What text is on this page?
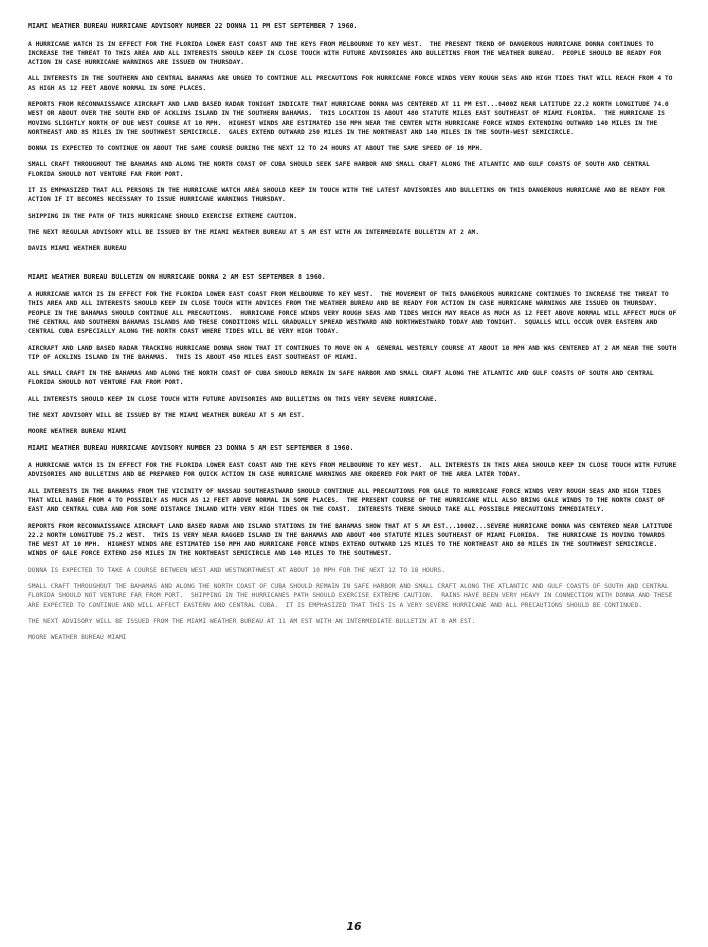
MIAMI WEATHER BUREAU HURRICANE ADVISORY NUMBER 22 DONNA 11 PM EST SEPTEMBER 7 1960.

A HURRICANE WATCH IS IN EFFECT FOR THE FLORIDA LOWER EAST COAST AND THE KEYS FROM MELBOURNE TO KEY WEST.  THE PRESENT TREND OF DANGEROUS HURRICANE DONNA CONTINUES TO INCREASE THE THREAT TO THIS AREA AND ALL INTERESTS SHOULD KEEP IN CLOSE TOUCH WITH FUTURE ADVISORIES AND BULLETINS FROM THE WEATHER BUREAU.  PEOPLE SHOULD BE READY FOR ACTION IN CASE HURRICANE WARNINGS ARE ISSUED ON THURSDAY.

ALL INTERESTS IN THE SOUTHERN AND CENTRAL BAHAMAS ARE URGED TO CONTINUE ALL PRECAUTIONS FOR HURRICANE FORCE WINDS VERY ROUGH SEAS AND HIGH TIDES THAT WILL REACH FROM 4 TO AS HIGH AS 12 FEET ABOVE NORMAL IN SOME PLACES.

REPORTS FROM RECONNAISSANCE AIRCRAFT AND LAND BASED RADAR TONIGHT INDICATE THAT HURRICANE DONNA WAS CENTERED AT 11 PM EST...0400Z NEAR LATITUDE 22.2 NORTH LONGITUDE 74.0 WEST OR ABOUT OVER THE SOUTH END OF ACKLINS ISLAND IN THE SOUTHERN BAHAMAS.  THIS LOCATION IS ABOUT 480 STATUTE MILES EAST SOUTHEAST OF MIAMI FLORIDA.  THE HURRICANE IS MOVING SLIGHTLY NORTH OF DUE WEST COURSE AT 10 MPH.  HIGHEST WINDS ARE ESTIMATED 150 MPH NEAR THE CENTER WITH HURRICANE FORCE WINDS EXTENDING OUTWARD 140 MILES IN THE NORTHEAST AND 85 MILES IN THE SOUTHWEST SEMICIRCLE.  GALES EXTEND OUTWARD 250 MILES IN THE NORTHEAST AND 140 MILES IN THE SOUTH-WEST SEMICIRCLE.

DONNA IS EXPECTED TO CONTINUE ON ABOUT THE SAME COURSE DURING THE NEXT 12 TO 24 HOURS AT ABOUT THE SAME SPEED OF 10 MPH.

SMALL CRAFT THROUGHOUT THE BAHAMAS AND ALONG THE NORTH COAST OF CUBA SHOULD SEEK SAFE HARBOR AND SMALL CRAFT ALONG THE ATLANTIC AND GULF COASTS OF SOUTH AND CENTRAL FLORIDA SHOULD NOT VENTURE FAR FROM PORT.

IT IS EMPHASIZED THAT ALL PERSONS IN THE HURRICANE WATCH AREA SHOULD KEEP IN TOUCH WITH THE LATEST ADVISORIES AND BULLETINS ON THIS DANGEROUS HURRICANE AND BE READY FOR ACTION IF IT BECOMES NECESSARY TO ISSUE HURRICANE WARNINGS THURSDAY.

SHIPPING IN THE PATH OF THIS HURRICANE SHOULD EXERCISE EXTREME CAUTION.

THE NEXT REGULAR ADVISORY WILL BE ISSUED BY THE MIAMI WEATHER BUREAU AT 5 AM EST WITH AN INTERMEDIATE BULLETIN AT 2 AM.

DAVIS MIAMI WEATHER BUREAU

MIAMI WEATHER BUREAU BULLETIN ON HURRICANE DONNA 2 AM EST SEPTEMBER 8 1960.

A HURRICANE WATCH IS IN EFFECT FOR THE FLORIDA LOWER EAST COAST FROM MELBOURNE TO KEY WEST.  THE MOVEMENT OF THIS DANGEROUS HURRICANE CONTINUES TO INCREASE THE THREAT TO THIS AREA AND ALL INTERESTS SHOULD KEEP IN CLOSE TOUCH WITH ADVICES FROM THE WEATHER BUREAU AND BE READY FOR ACTION IN CASE HURRICANE WARNINGS ARE ISSUED ON THURSDAY.  PEOPLE IN THE BAHAMAS SHOULD CONTINUE ALL PRECAUTIONS.  HURRICANE FORCE WINDS VERY ROUGH SEAS AND TIDES WHICH MAY REACH AS MUCH AS 12 FEET ABOVE NORMAL WILL AFFECT MUCH OF THE CENTRAL AND SOUTHERN BAHAMAS ISLANDS AND THESE CONDITIONS WILL GRADUALLY SPREAD WESTWARD AND NORTHWESTWARD TODAY AND TONIGHT.  SQUALLS WILL OCCUR OVER EASTERN AND CENTRAL CUBA ESPECIALLY ALONG THE NORTH COAST WHERE TIDES WILL BE VERY HIGH TODAY.

AIRCRAFT AND LAND BASED RADAR TRACKING HURRICANE DONNA SHOW THAT IT CONTINUES TO MOVE ON A  GENERAL WESTERLY COURSE AT ABOUT 10 MPH AND WAS CENTERED AT 2 AM NEAR THE SOUTH TIP OF ACKLINS ISLAND IN THE BAHAMAS.  THIS IS ABOUT 450 MILES EAST SOUTHEAST OF MIAMI.

ALL SMALL CRAFT IN THE BAHAMAS AND ALONG THE NORTH COAST OF CUBA SHOULD REMAIN IN SAFE HARBOR AND SMALL CRAFT ALONG THE ATLANTIC AND GULF COASTS OF SOUTH AND CENTRAL FLORIDA SHOULD NOT VENTURE FAR FROM PORT.

ALL INTERESTS SHOULD KEEP IN CLOSE TOUCH WITH FUTURE ADVISORIES AND BULLETINS ON THIS VERY SEVERE HURRICANE.

THE NEXT ADVISORY WILL BE ISSUED BY THE MIAMI WEATHER BUREAU AT 5 AM EST.

MOORE WEATHER BUREAU MIAMI

MIAMI WEATHER BUREAU HURRICANE ADVISORY NUMBER 23 DONNA 5 AM EST SEPTEMBER 8 1960.

A HURRICANE WATCH IS IN EFFECT FOR THE FLORIDA LOWER EAST COAST AND THE KEYS FROM MELBOURNE TO KEY WEST.  ALL INTERESTS IN THIS AREA SHOULD KEEP IN CLOSE TOUCH WITH FUTURE ADVISORIES AND BULLETINS AND BE PREPARED FOR QUICK ACTION IN CASE HURRICANE WARNINGS ARE ORDERED FOR PART OF THE AREA LATER TODAY.

ALL INTERESTS IN THE BAHAMAS FROM THE VICINITY OF NASSAU SOUTHEASTWARD SHOULD CONTINUE ALL PRECAUTIONS FOR GALE TO HURRICANE FORCE WINDS VERY ROUGH SEAS AND HIGH TIDES THAT WILL RANGE FROM 4 TO POSSIBLY AS MUCH AS 12 FEET ABOVE NORMAL IN SOME PLACES.  THE PRESENT COURSE OF THE HURRICANE WILL ALSO BRING GALE WINDS TO THE NORTH COAST OF EAST AND CENTRAL CUBA AND FOR SOME DISTANCE INLAND WITH VERY HIGH TIDES ON THE COAST.  INTERESTS THERE SHOULD TAKE ALL POSSIBLE PRECAUTIONS IMMEDIATELY.

REPORTS FROM RECONNAISSANCE AIRCRAFT LAND BASED RADAR AND ISLAND STATIONS IN THE BAHAMAS SHOW THAT AT 5 AM EST...1000Z...SEVERE HURRICANE DONNA WAS CENTERED NEAR LATITUDE 22.2 NORTH LONGITUDE 75.2 WEST.  THIS IS VERY NEAR RAGGED ISLAND IN THE BAHAMAS AND ABOUT 400 STATUTE MILES SOUTHEAST OF MIAMI FLORIDA.  THE HURRICANE IS MOVING TOWARDS THE WEST AT 10 MPH.  HIGHEST WINDS ARE ESTIMATED 150 MPH AND HURRICANE FORCE WINDS EXTEND OUTWARD 125 MILES TO THE NORTHEAST AND 80 MILES IN THE SOUTHWEST SEMICIRCLE.  WINDS OF GALE FORCE EXTEND 250 MILES IN THE NORTHEAST SEMICIRCLE AND 140 MILES TO THE SOUTHWEST.

DONNA IS EXPECTED TO TAKE A COURSE BETWEEN WEST AND WESTNORTHWEST AT ABOUT 10 MPH FOR THE NEXT 12 TO 18 HOURS.

SMALL CRAFT THROUGHOUT THE BAHAMAS AND ALONG THE NORTH COAST OF CUBA SHOULD REMAIN IN SAFE HARBOR AND SMALL CRAFT ALONG THE ATLANTIC AND GULF COASTS OF SOUTH AND CENTRAL FLORIDA SHOULD NOT VENTURE FAR FROM PORT.  SHIPPING IN THE HURRICANES PATH SHOULD EXERCISE EXTREME CAUTION.  RAINS HAVE BEEN VERY HEAVY IN CONNECTION WITH DONNA AND THESE ARE EXPECTED TO CONTINUE AND WILL AFFECT EASTERN AND CENTRAL CUBA.  IT IS EMPHASIZED THAT THIS IS A VERY SEVERE HURRICANE AND ALL PRECAUTIONS SHOULD BE CONTINUED.

THE NEXT ADVISORY WILL BE ISSUED FROM THE MIAMI WEATHER BUREAU AT 11 AM EST WITH AN INTERMEDIATE BULLETIN AT 8 AM EST.

MOORE WEATHER BUREAU MIAMI

16
